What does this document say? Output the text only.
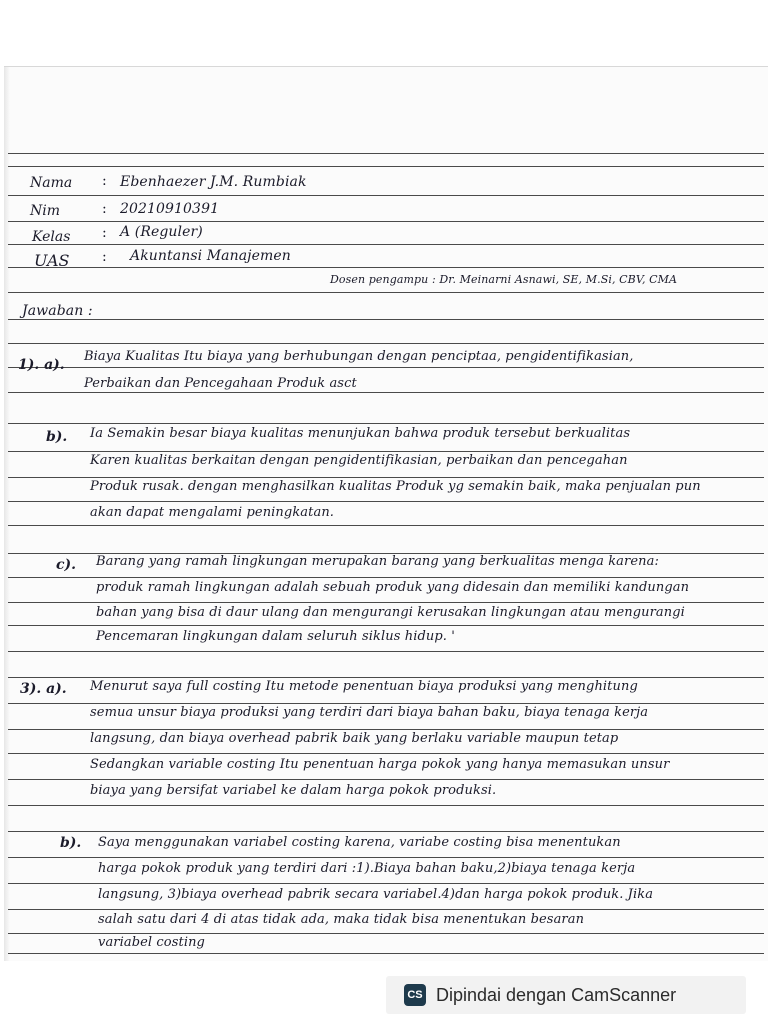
Nama : Ebenhaezer J.M. Rumbiak

Nim	: 20210910391

Kelas : A (Reguler)

UAS : Akuntansi Manajemen

Dosen pengampu : Dr. Meinarni Asnawi, SE, M.Si, CBV, CMA

Jawaban :

1). a).

Biaya Kualitas Itu biaya yang berhubungan dengan penciptaa, pengidentifikasian,

Perbaikan dan Pencegahaan Produk asct

b). Ia Semakin besar biaya kualitas menunjukan bahwa produk tersebut berkualitas

Karen kualitas berkaitan dengan pengidentifikasian, perbaikan dan pencegahan

Produk rusak. dengan menghasilkan kualitas Produk yg semakin baik, maka penjualan pun

akan dapat mengalami peningkatan.

c). Barang yang ramah lingkungan merupakan barang yang berkualitas menga karena:

produk ramah lingkungan adalah sebuah produk yang didesain dan memiliki kandungan

bahan yang bisa di daur ulang dan mengurangi kerusakan lingkungan atau mengurangi

Pencemaran lingkungan dalam seluruh siklus hidup. '

3). a). Menurut saya full costing Itu metode penentuan biaya produksi yang menghitung

semua unsur biaya produksi yang terdiri dari biaya bahan baku, biaya tenaga kerja

langsung, dan biaya overhead pabrik baik yang berlaku variable maupun tetap

Sedangkan variable costing Itu penentuan harga pokok yang hanya memasukan unsur

biaya yang bersifat variabel ke dalam harga pokok produksi.

b). Saya menggunakan variabel costing karena, variabe costing bisa menentukan

harga pokok produk yang terdiri dari :1).Biaya bahan baku,2)biaya tenaga kerja

langsung, 3)biaya overhead pabrik secara variabel.4)dan harga pokok produk. Jika

salah satu dari 4 di atas tidak ada, maka tidak bisa menentukan besaran

variabel costing

CS Dipindai dengan CamScanner
